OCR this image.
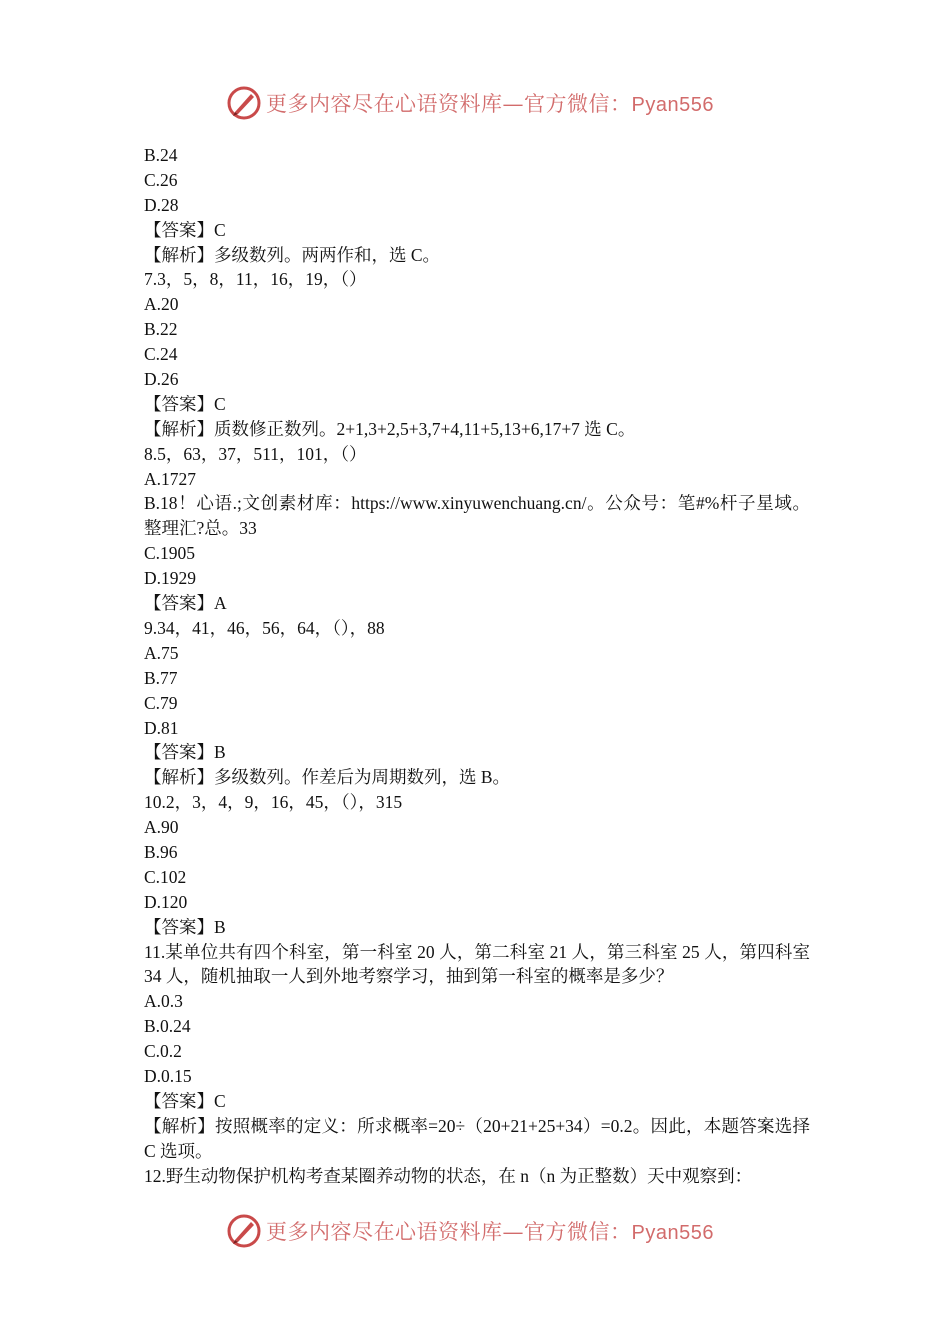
更多内容尽在心语资料库—官方微信：Pyan556
B.24
C.26
D.28
【答案】C
【解析】多级数列。两两作和，选 C。
7.3，5，8，11，16，19，（）
A.20
B.22
C.24
D.26
【答案】C
【解析】质数修正数列。2+1,3+2,5+3,7+4,11+5,13+6,17+7 选 C。
8.5，63，37，511，101，（）
A.1727
B.18！心语.;文创素材库：https://www.xinyuwenchuang.cn/。公众号：笔#%杆子星域。整理汇?总。33
C.1905
D.1929
【答案】A
9.34，41，46，56，64，（），88
A.75
B.77
C.79
D.81
【答案】B
【解析】多级数列。作差后为周期数列，选 B。
10.2，3，4，9，16，45，（），315
A.90
B.96
C.102
D.120
【答案】B
11.某单位共有四个科室，第一科室 20 人，第二科室 21 人，第三科室 25 人，第四科室 34 人，随机抽取一人到外地考察学习，抽到第一科室的概率是多少？
A.0.3
B.0.24
C.0.2
D.0.15
【答案】C
【解析】按照概率的定义：所求概率=20÷（20+21+25+34）=0.2。因此，本题答案选择 C 选项。
12.野生动物保护机构考查某圈养动物的状态，在 n（n 为正整数）天中观察到：
更多内容尽在心语资料库—官方微信：Pyan556
